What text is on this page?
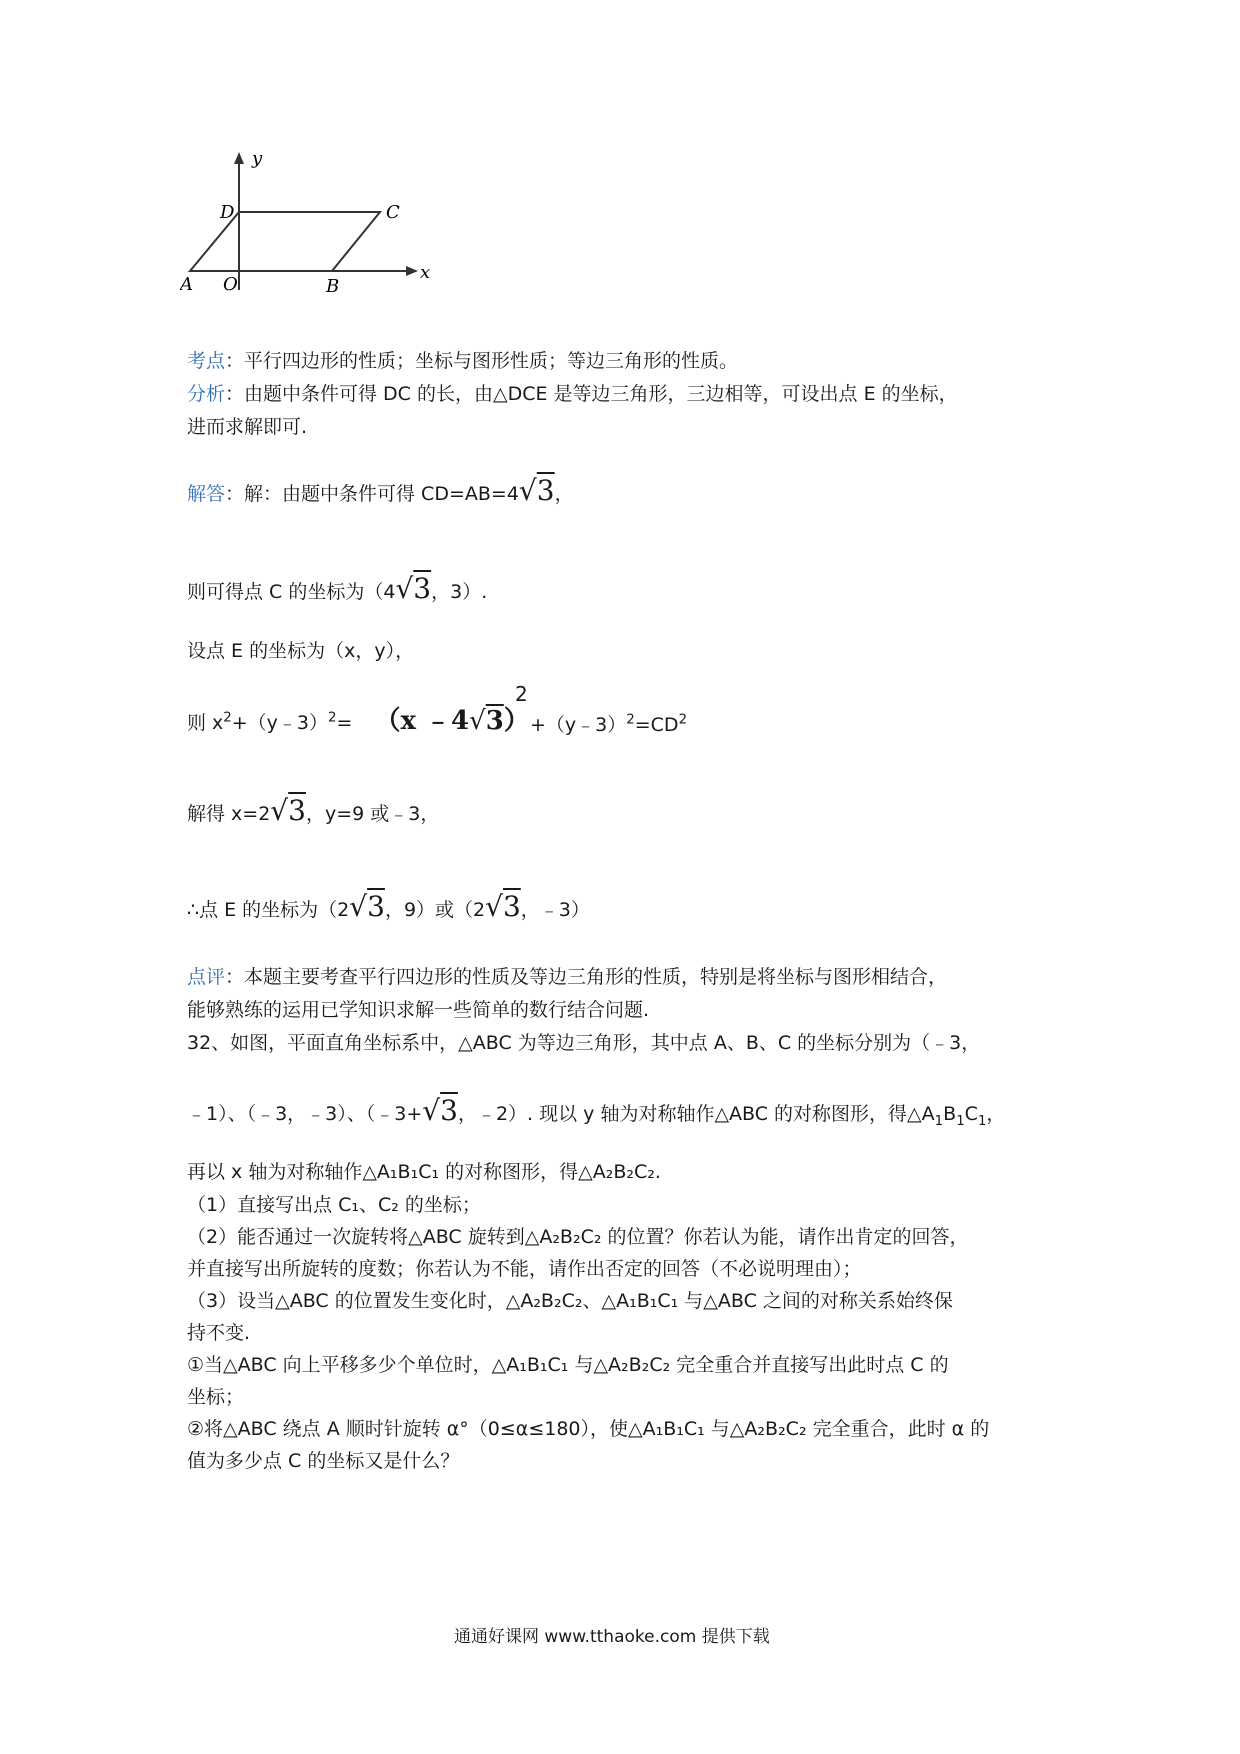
y
x
D	C
A O	B
考点：平行四边形的性质；坐标与图形性质；等边三角形的性质。
分析：由题中条件可得 DC 的长，由△DCE 是等边三角形，三边相等，可设出点 E 的坐标，
进而求解即可.
解答：解：由题中条件可得 CD=AB=4√3，
则可得点 C 的坐标为（4√3，3）.
设点 E 的坐标为（x，y），
则 $x^2+(y﹣3)^2= (x$ ﹣4√3）
2
$+(y﹣3)^2=CD^2$
解得 x=2√3，y=9 或﹣3，
∴点 E 的坐标为（2√3，9）或（2√3，﹣3）
点评：本题主要考查平行四边形的性质及等边三角形的性质，特别是将坐标与图形相结合，
能够熟练的运用已学知识求解一些简单的数行结合问题.
32、如图，平面直角坐标系中，△ABC 为等边三角形，其中点 A、B、C 的坐标分别为（﹣3，
﹣1）、（﹣3，﹣3）、（﹣3+√3，﹣2）. 现以 y 轴为对称轴作△ABC 的对称图形，得$\triangle A_1B_1C_1$，
再以 x 轴为对称轴作△A₁B₁C₁ 的对称图形，得△A₂B₂C₂.
（1）直接写出点 C₁、C₂ 的坐标；
（2）能否通过一次旋转将△ABC 旋转到△A₂B₂C₂ 的位置？你若认为能，请作出肯定的回答，
并直接写出所旋转的度数；你若认为不能，请作出否定的回答（不必说明理由）；
（3）设当△ABC 的位置发生变化时，△A₂B₂C₂、△A₁B₁C₁ 与△ABC 之间的对称关系始终保
持不变.
①当△ABC 向上平移多少个单位时，△A₁B₁C₁ 与△A₂B₂C₂ 完全重合并直接写出此时点 C 的
坐标；
②将△ABC 绕点 A 顺时针旋转 α°（0≤α≤180），使△A₁B₁C₁ 与△A₂B₂C₂ 完全重合，此时 α 的
值为多少点 C 的坐标又是什么？
通通好课网 www.tthaoke.com 提供下载
